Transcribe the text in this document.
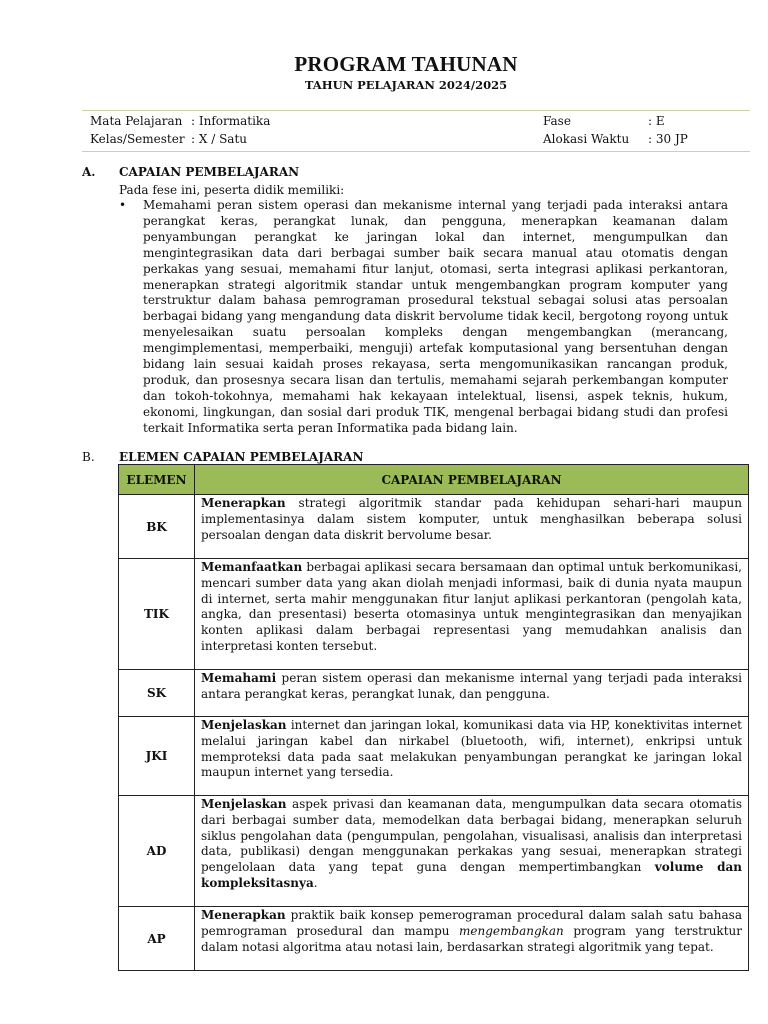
PROGRAM TAHUNAN
TAHUN PELAJARAN 2024/2025
Mata Pelajaran : Informatika	Fase	: E
Kelas/Semester : X / Satu	Alokasi Waktu : 30 JP
A. CAPAIAN PEMBELAJARAN
Pada fese ini, peserta didik memiliki:
• Memahami peran sistem operasi dan mekanisme internal yang terjadi pada interaksi antara perangkat keras, perangkat lunak, dan pengguna, menerapkan keamanan dalam penyambungan perangkat ke jaringan lokal dan internet, mengumpulkan dan mengintegrasikan data dari berbagai sumber baik secara manual atau otomatis dengan perkakas yang sesuai, memahami fitur lanjut, otomasi, serta integrasi aplikasi perkantoran, menerapkan strategi algoritmik standar untuk mengembangkan program komputer yang terstruktur dalam bahasa pemrograman prosedural tekstual sebagai solusi atas persoalan berbagai bidang yang mengandung data diskrit bervolume tidak kecil, bergotong royong untuk menyelesaikan suatu persoalan kompleks dengan mengembangkan (merancang, mengimplementasi, memperbaiki, menguji) artefak komputasional yang bersentuhan dengan bidang lain sesuai kaidah proses rekayasa, serta mengomunikasikan rancangan produk, produk, dan prosesnya secara lisan dan tertulis, memahami sejarah perkembangan komputer dan tokoh-tokohnya, memahami hak kekayaan intelektual, lisensi, aspek teknis, hukum, ekonomi, lingkungan, dan sosial dari produk TIK, mengenal berbagai bidang studi dan profesi terkait Informatika serta peran Informatika pada bidang lain.
B. ELEMEN CAPAIAN PEMBELAJARAN
ELEMEN	CAPAIAN PEMBELAJARAN
BK	Menerapkan strategi algoritmik standar pada kehidupan sehari-hari maupun implementasinya dalam sistem komputer, untuk menghasilkan beberapa solusi persoalan dengan data diskrit bervolume besar.
TIK	Memanfaatkan berbagai aplikasi secara bersamaan dan optimal untuk berkomunikasi, mencari sumber data yang akan diolah menjadi informasi, baik di dunia nyata maupun di internet, serta mahir menggunakan fitur lanjut aplikasi perkantoran (pengolah kata, angka, dan presentasi) beserta otomasinya untuk mengintegrasikan dan menyajikan konten aplikasi dalam berbagai representasi yang memudahkan analisis dan interpretasi konten tersebut.
SK	Memahami peran sistem operasi dan mekanisme internal yang terjadi pada interaksi antara perangkat keras, perangkat lunak, dan pengguna.
JKI	Menjelaskan internet dan jaringan lokal, komunikasi data via HP, konektivitas internet melalui jaringan kabel dan nirkabel (bluetooth, wifi, internet), enkripsi untuk memproteksi data pada saat melakukan penyambungan perangkat ke jaringan lokal maupun internet yang tersedia.
AD	Menjelaskan aspek privasi dan keamanan data, mengumpulkan data secara otomatis dari berbagai sumber data, memodelkan data berbagai bidang, menerapkan seluruh siklus pengolahan data (pengumpulan, pengolahan, visualisasi, analisis dan interpretasi data, publikasi) dengan menggunakan perkakas yang sesuai, menerapkan strategi pengelolaan data yang tepat guna dengan mempertimbangkan volume dan kompleksitasnya.
AP	Menerapkan praktik baik konsep pemerograman procedural dalam salah satu bahasa pemrograman prosedural dan mampu mengembangkan program yang terstruktur dalam notasi algoritma atau notasi lain, berdasarkan strategi algoritmik yang tepat.
